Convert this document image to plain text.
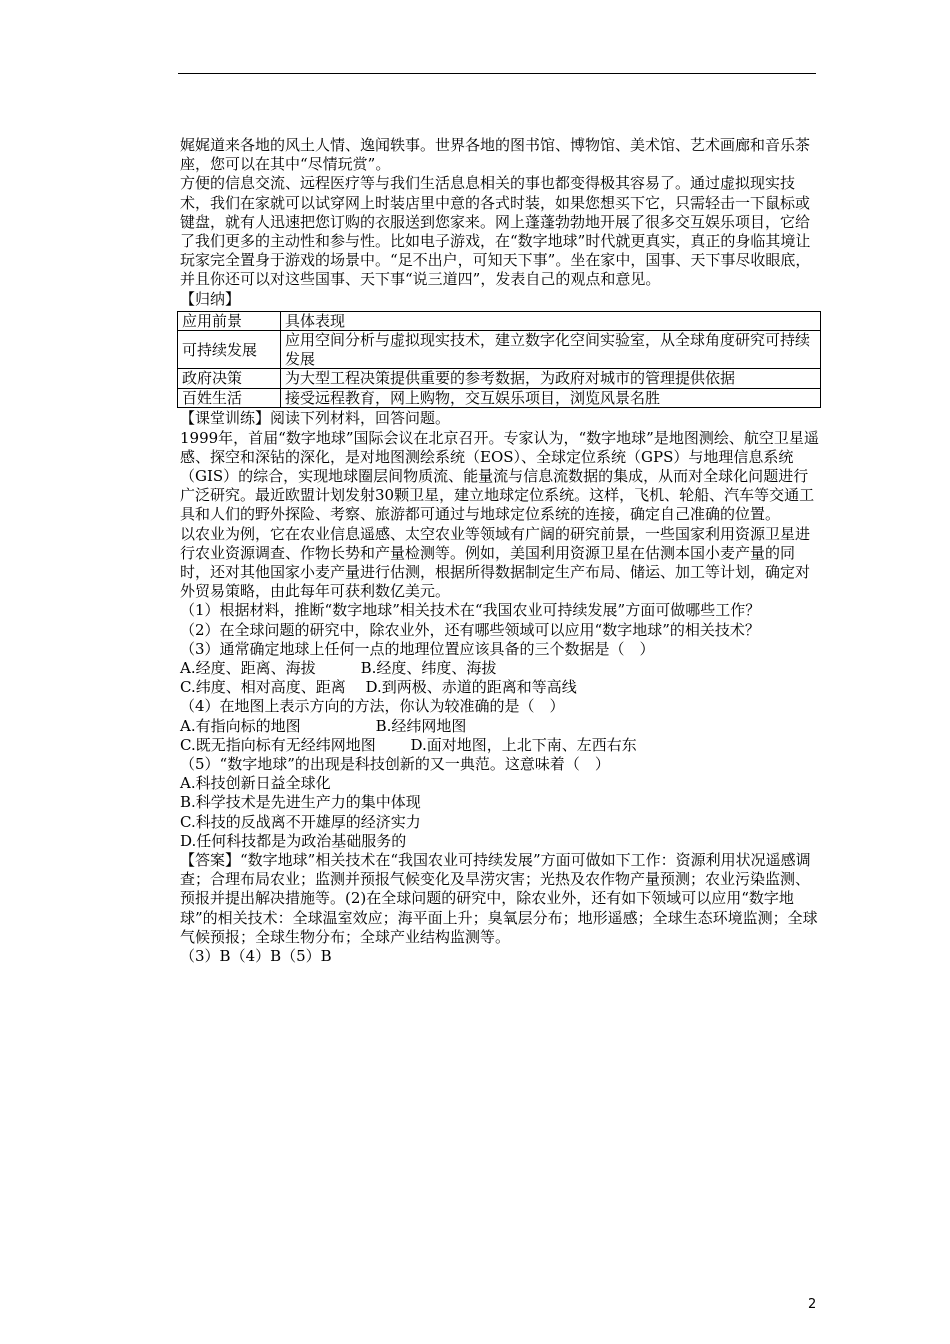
娓娓道来各地的风土人情、逸闻轶事。世界各地的图书馆、博物馆、美术馆、艺术画廊和音乐茶座，您可以在其中“尽情玩赏”。

方便的信息交流、远程医疗等与我们生活息息相关的事也都变得极其容易了。通过虚拟现实技术，我们在家就可以试穿网上时装店里中意的各式时装，如果您想买下它，只需轻击一下鼠标或键盘，就有人迅速把您订购的衣服送到您家来。网上蓬蓬勃勃地开展了很多交互娱乐项目，它给了我们更多的主动性和参与性。比如电子游戏，在“数字地球”时代就更真实，真正的身临其境让玩家完全置身于游戏的场景中。“足不出户，可知天下事”。坐在家中，国事、天下事尽收眼底，并且你还可以对这些国事、天下事“说三道四”，发表自己的观点和意见。

【归纳】

应用前景	具体表现
可持续发展	应用空间分析与虚拟现实技术，建立数字化空间实验室，从全球角度研究可持续发展
政府决策	为大型工程决策提供重要的参考数据，为政府对城市的管理提供依据
百姓生活	接受远程教育，网上购物，交互娱乐项目，浏览风景名胜

【课堂训练】阅读下列材料，回答问题。

1999年，首届“数字地球”国际会议在北京召开。专家认为，“数字地球”是地图测绘、航空卫星遥感、探空和深钻的深化，是对地图测绘系统（EOS）、全球定位系统（GPS）与地理信息系统（GIS）的综合，实现地球圈层间物质流、能量流与信息流数据的集成，从而对全球化问题进行广泛研究。最近欧盟计划发射30颗卫星，建立地球定位系统。这样，飞机、轮船、汽车等交通工具和人们的野外探险、考察、旅游都可通过与地球定位系统的连接，确定自己准确的位置。

以农业为例，它在农业信息遥感、太空农业等领域有广阔的研究前景，一些国家利用资源卫星进行农业资源调查、作物长势和产量检测等。例如，美国利用资源卫星在估测本国小麦产量的同时，还对其他国家小麦产量进行估测，根据所得数据制定生产布局、储运、加工等计划，确定对外贸易策略，由此每年可获利数亿美元。

（1）根据材料，推断“数字地球”相关技术在“我国农业可持续发展”方面可做哪些工作？

（2）在全球问题的研究中，除农业外，还有哪些领域可以应用“数字地球”的相关技术？

（3）通常确定地球上任何一点的地理位置应该具备的三个数据是（　）

A.经度、距离、海拔　　　B.经度、纬度、海拔

C.纬度、相对高度、距离　 D.到两极、赤道的距离和等高线

（4）在地图上表示方向的方法，你认为较准确的是（　）

A.有指向标的地图　　　　　B.经纬网地图

C.既无指向标有无经纬网地图　　 D.面对地图，上北下南、左西右东

（5）“数字地球”的出现是科技创新的又一典范。这意味着（　）

A.科技创新日益全球化

B.科学技术是先进生产力的集中体现

C.科技的反战离不开雄厚的经济实力

D.任何科技都是为政治基础服务的

【答案】“数字地球”相关技术在“我国农业可持续发展”方面可做如下工作：资源利用状况遥感调查；合理布局农业；监测并预报气候变化及旱涝灾害；光热及农作物产量预测；农业污染监测、预报并提出解决措施等。(2)在全球问题的研究中，除农业外，还有如下领域可以应用“数字地球”的相关技术：全球温室效应；海平面上升；臭氧层分布；地形遥感；全球生态环境监测；全球气候预报；全球生物分布；全球产业结构监测等。

（3）B（4）B（5）B

2
